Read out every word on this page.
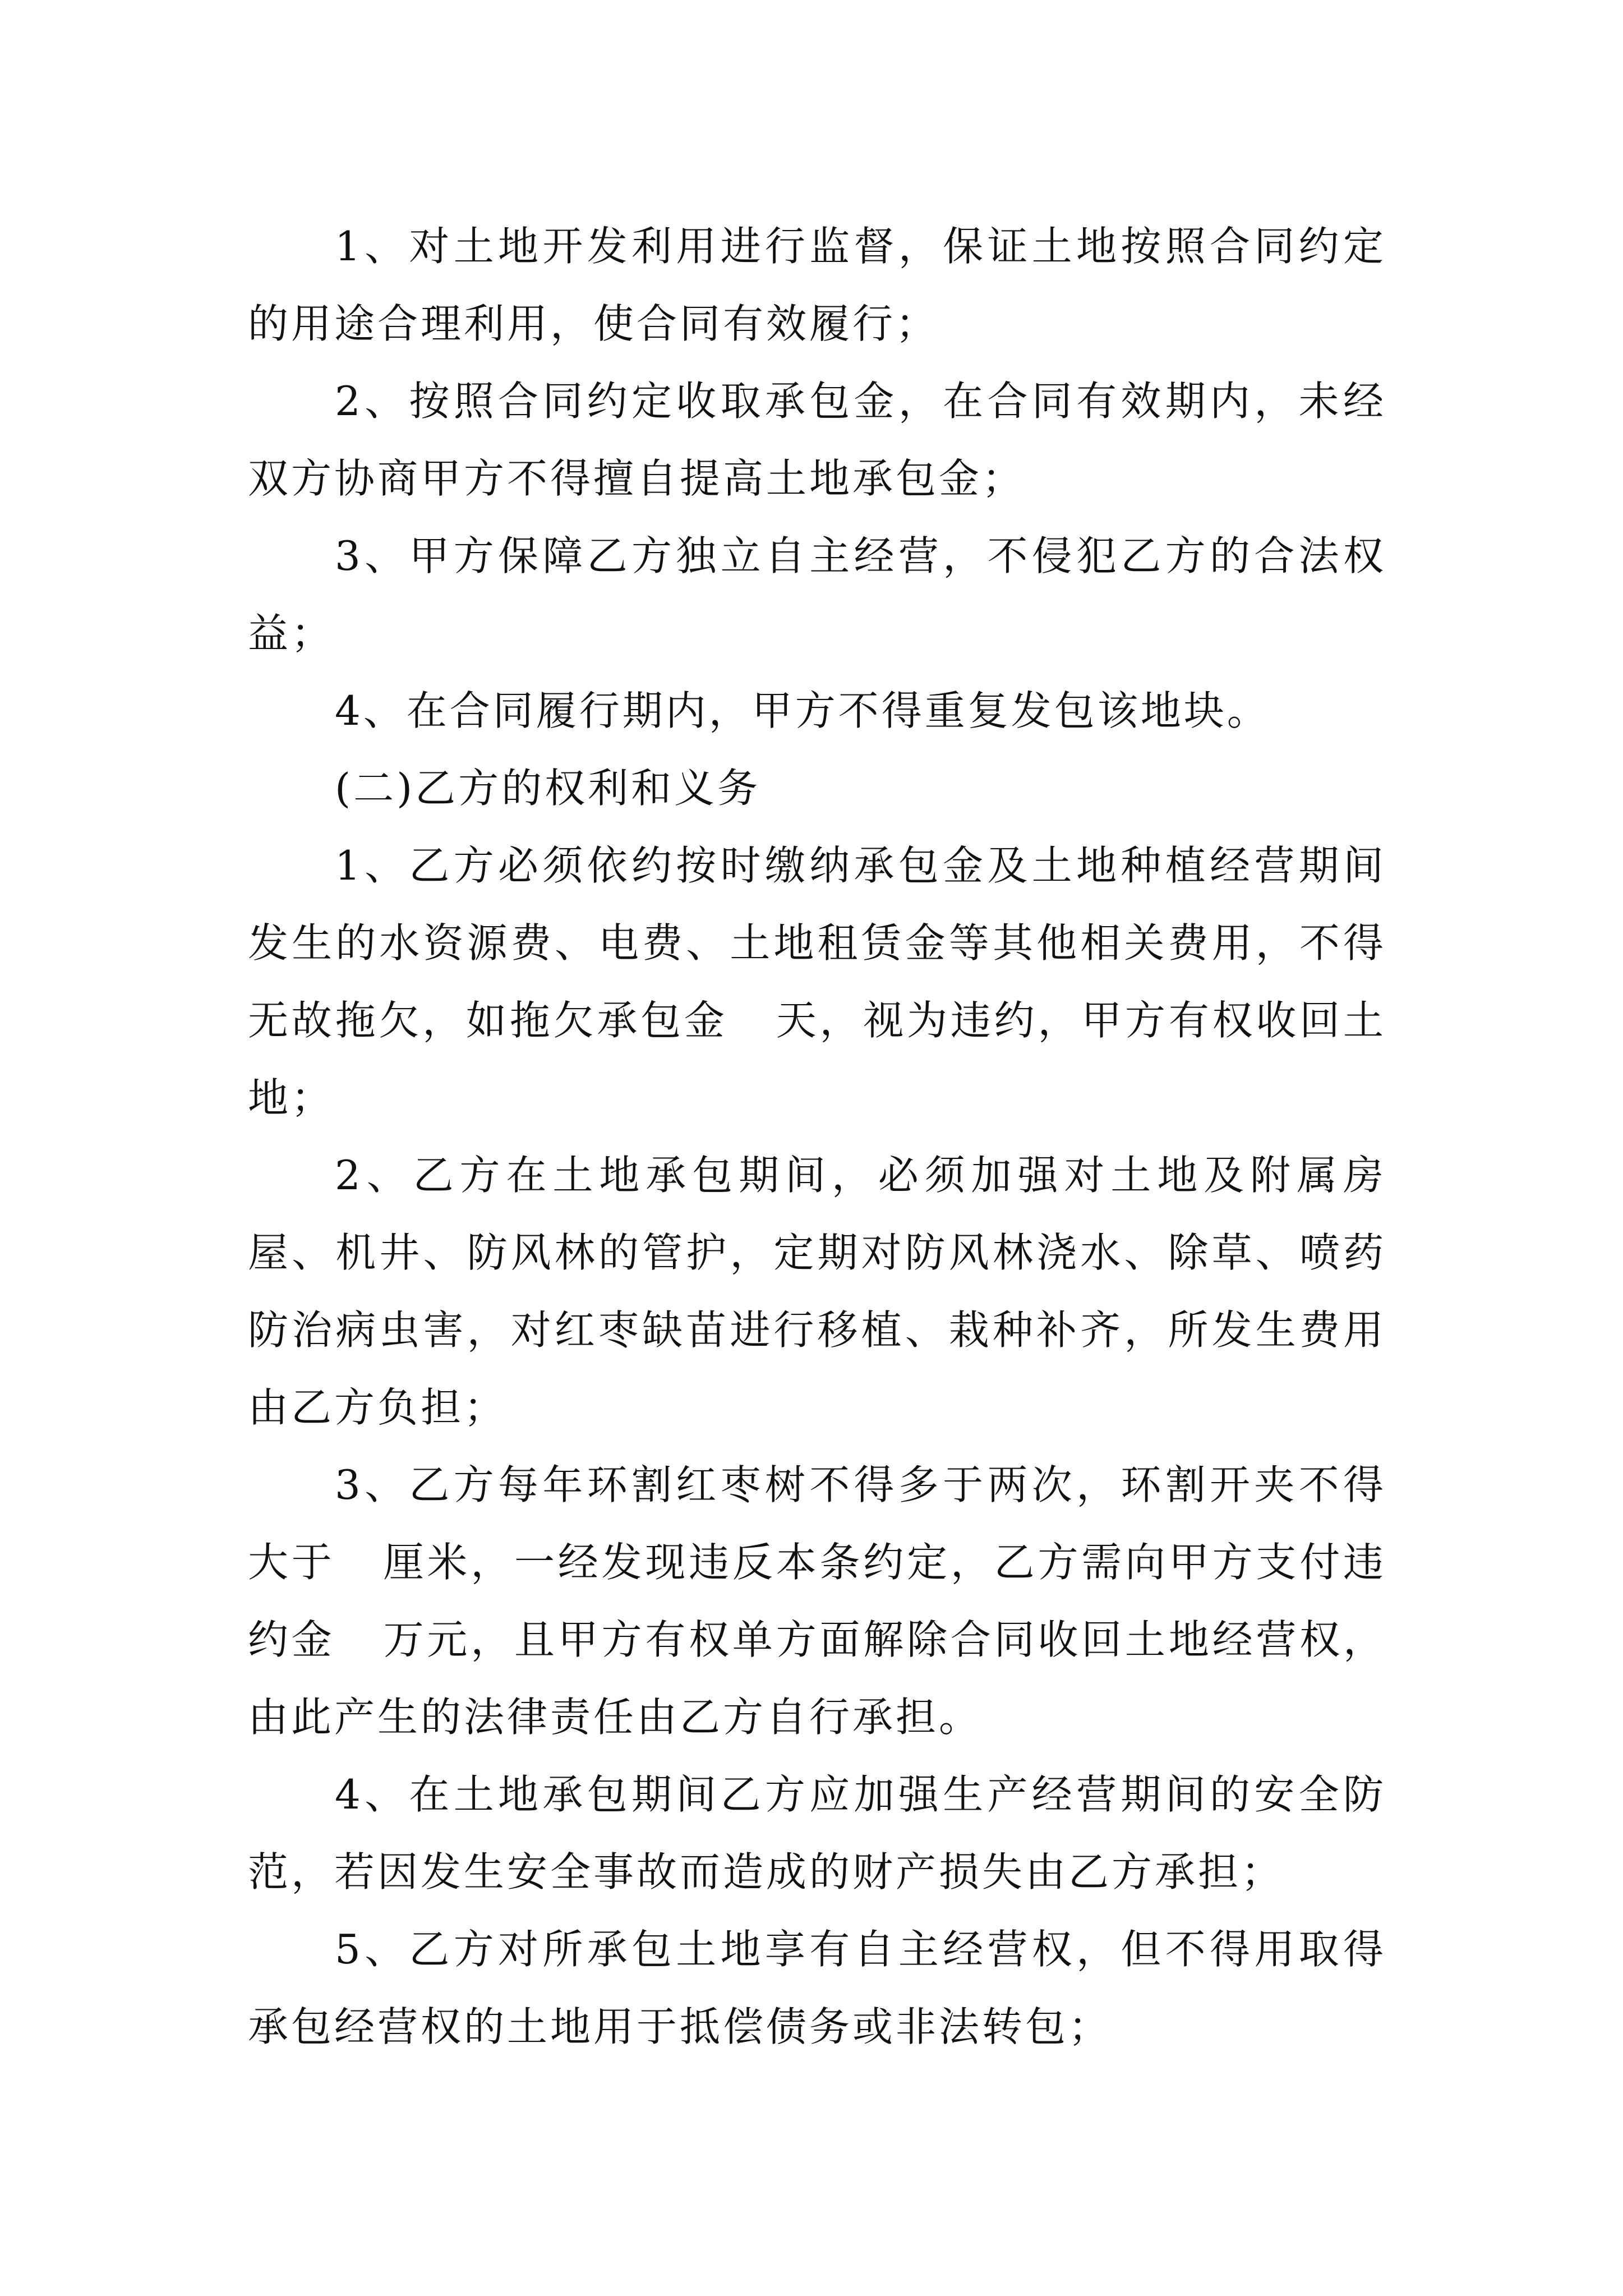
1、对土地开发利用进行监督，保证土地按照合同约定的用途合理利用，使合同有效履行；

2、按照合同约定收取承包金，在合同有效期内，未经双方协商甲方不得擅自提高土地承包金；

3、甲方保障乙方独立自主经营，不侵犯乙方的合法权益；

4、在合同履行期内，甲方不得重复发包该地块。

(二)乙方的权利和义务

1、乙方必须依约按时缴纳承包金及土地种植经营期间发生的水资源费、电费、土地租赁金等其他相关费用，不得无故拖欠，如拖欠承包金   天，视为违约，甲方有权收回土地；

2、乙方在土地承包期间，必须加强对土地及附属房屋、机井、防风林的管护，定期对防风林浇水、除草、喷药防治病虫害，对红枣缺苗进行移植、栽种补齐，所发生费用由乙方负担；

3、乙方每年环割红枣树不得多于两次，环割开夹不得大于   厘米，一经发现违反本条约定，乙方需向甲方支付违约金   万元，且甲方有权单方面解除合同收回土地经营权，由此产生的法律责任由乙方自行承担。

4、在土地承包期间乙方应加强生产经营期间的安全防范，若因发生安全事故而造成的财产损失由乙方承担；

5、乙方对所承包土地享有自主经营权，但不得用取得承包经营权的土地用于抵偿债务或非法转包；
